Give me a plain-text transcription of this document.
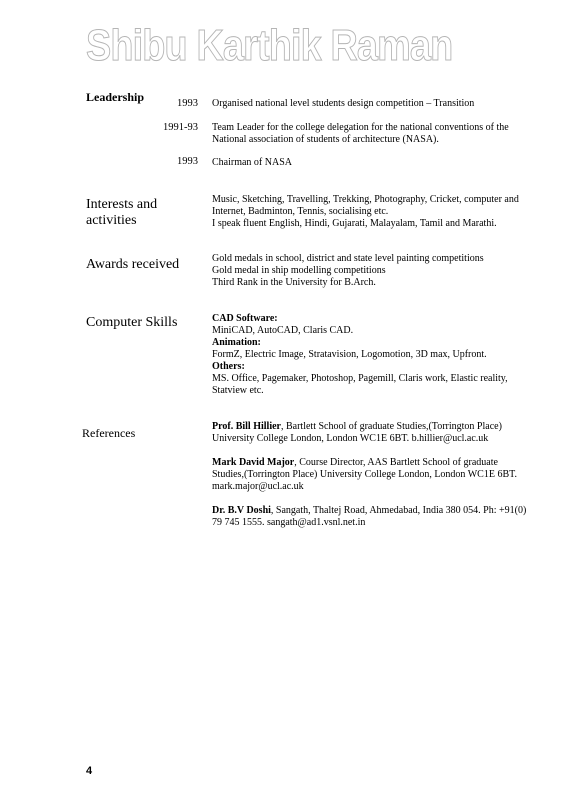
Shibu Karthik Raman
Leadership	1993 Organised national level students design competition – Transition
1991-93 Team Leader for the college delegation for the national conventions of the National association of students of architecture (NASA).
1993 Chairman of NASA
Interests and activities
Music, Sketching, Travelling, Trekking, Photography, Cricket, computer and Internet, Badminton, Tennis, socialising etc.
I speak fluent English, Hindi, Gujarati, Malayalam, Tamil and Marathi.
Awards received	Gold medals in school, district and state level painting competitions
Gold medal in ship modelling competitions
Third Rank in the University for B.Arch.
Computer Skills	CAD Software:
MiniCAD, AutoCAD, Claris CAD.
Animation:
FormZ, Electric Image, Stratavision, Logomotion, 3D max, Upfront.
Others:
MS. Office, Pagemaker, Photoshop, Pagemill, Claris work, Elastic reality, Statview etc.
References	Prof. Bill Hillier, Bartlett School of graduate Studies,(Torrington Place) University College London, London WC1E 6BT. b.hillier@ucl.ac.uk
Mark David Major, Course Director, AAS Bartlett School of graduate Studies,(Torrington Place) University College London, London WC1E 6BT. mark.major@ucl.ac.uk
Dr. B.V Doshi, Sangath, Thaltej Road, Ahmedabad, India 380 054. Ph: +91(0) 79 745 1555. sangath@ad1.vsnl.net.in
4
